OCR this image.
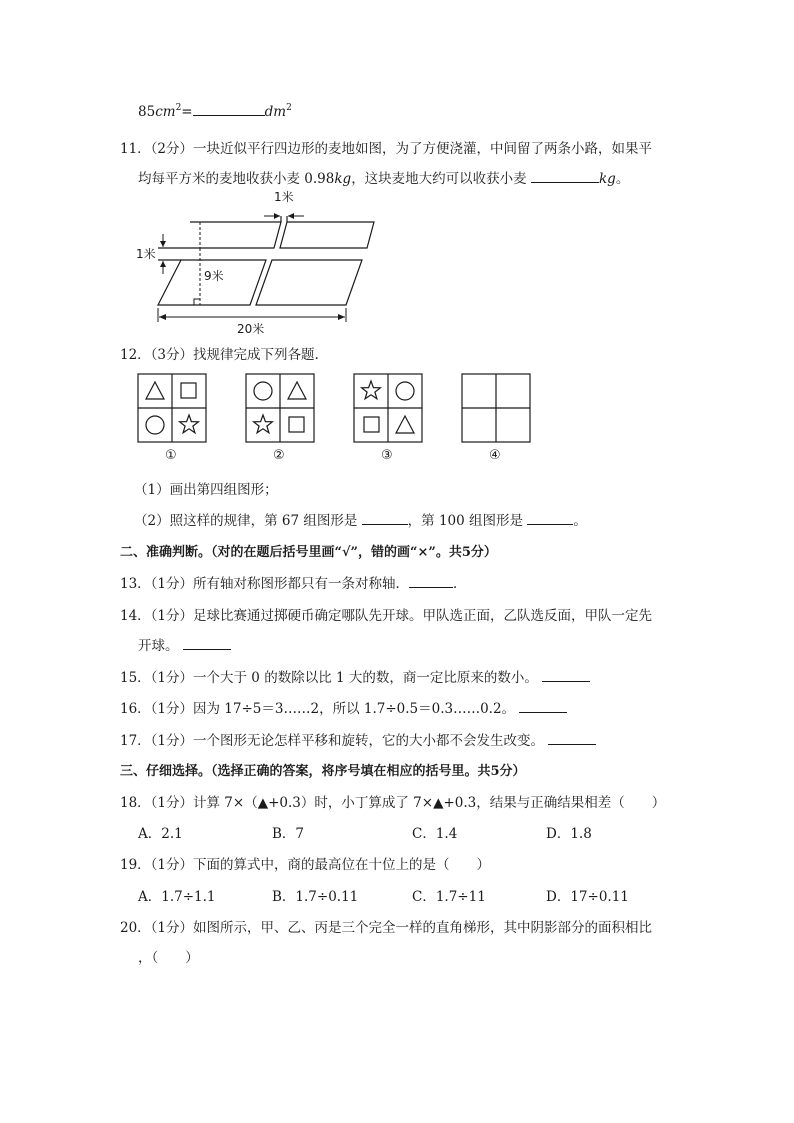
$85cm^2=$	$dm^2$
11．（2分）一块近似平行四边形的麦地如图，为了方便浇灌，中间留了两条小路，如果平
均每平方米的麦地收获小麦 0.98kg，这块麦地大约可以收获小麦	kg。
1米
1米
9米
20米
12．（3分）找规律完成下列各题.
①	②	③	④
（1）画出第四组图形；
（2）照这样的规律，第 67 组图形是	，第 100 组图形是	。
二、准确判断。（对的在题后括号里画“√”，错的画“×”。共5分）
13．（1分）所有轴对称图形都只有一条对称轴．	．
14．（1分）足球比赛通过掷硬币确定哪队先开球。甲队选正面，乙队选反面，甲队一定先
开球。
15．（1分）一个大于 0 的数除以比 1 大的数，商一定比原来的数小。
16．（1分）因为 17÷5＝3……2，所以 1.7÷0.5＝0.3……0.2。
17．（1分）一个图形无论怎样平移和旋转，它的大小都不会发生改变。
三、仔细选择。（选择正确的答案，将序号填在相应的括号里。共5分）
18．（1分）计算 7×（▲+0.3）时，小丁算成了 7×▲+0.3，结果与正确结果相差（　　）
A．2.1	B．7	C．1.4	D．1.8
19．（1分）下面的算式中，商的最高位在十位上的是（　　）
A．1.7÷1.1	B．1.7÷0.11	C．1.7÷11	D．17÷0.11
20．（1分）如图所示，甲、乙、丙是三个完全一样的直角梯形，其中阴影部分的面积相比
，（　　）
